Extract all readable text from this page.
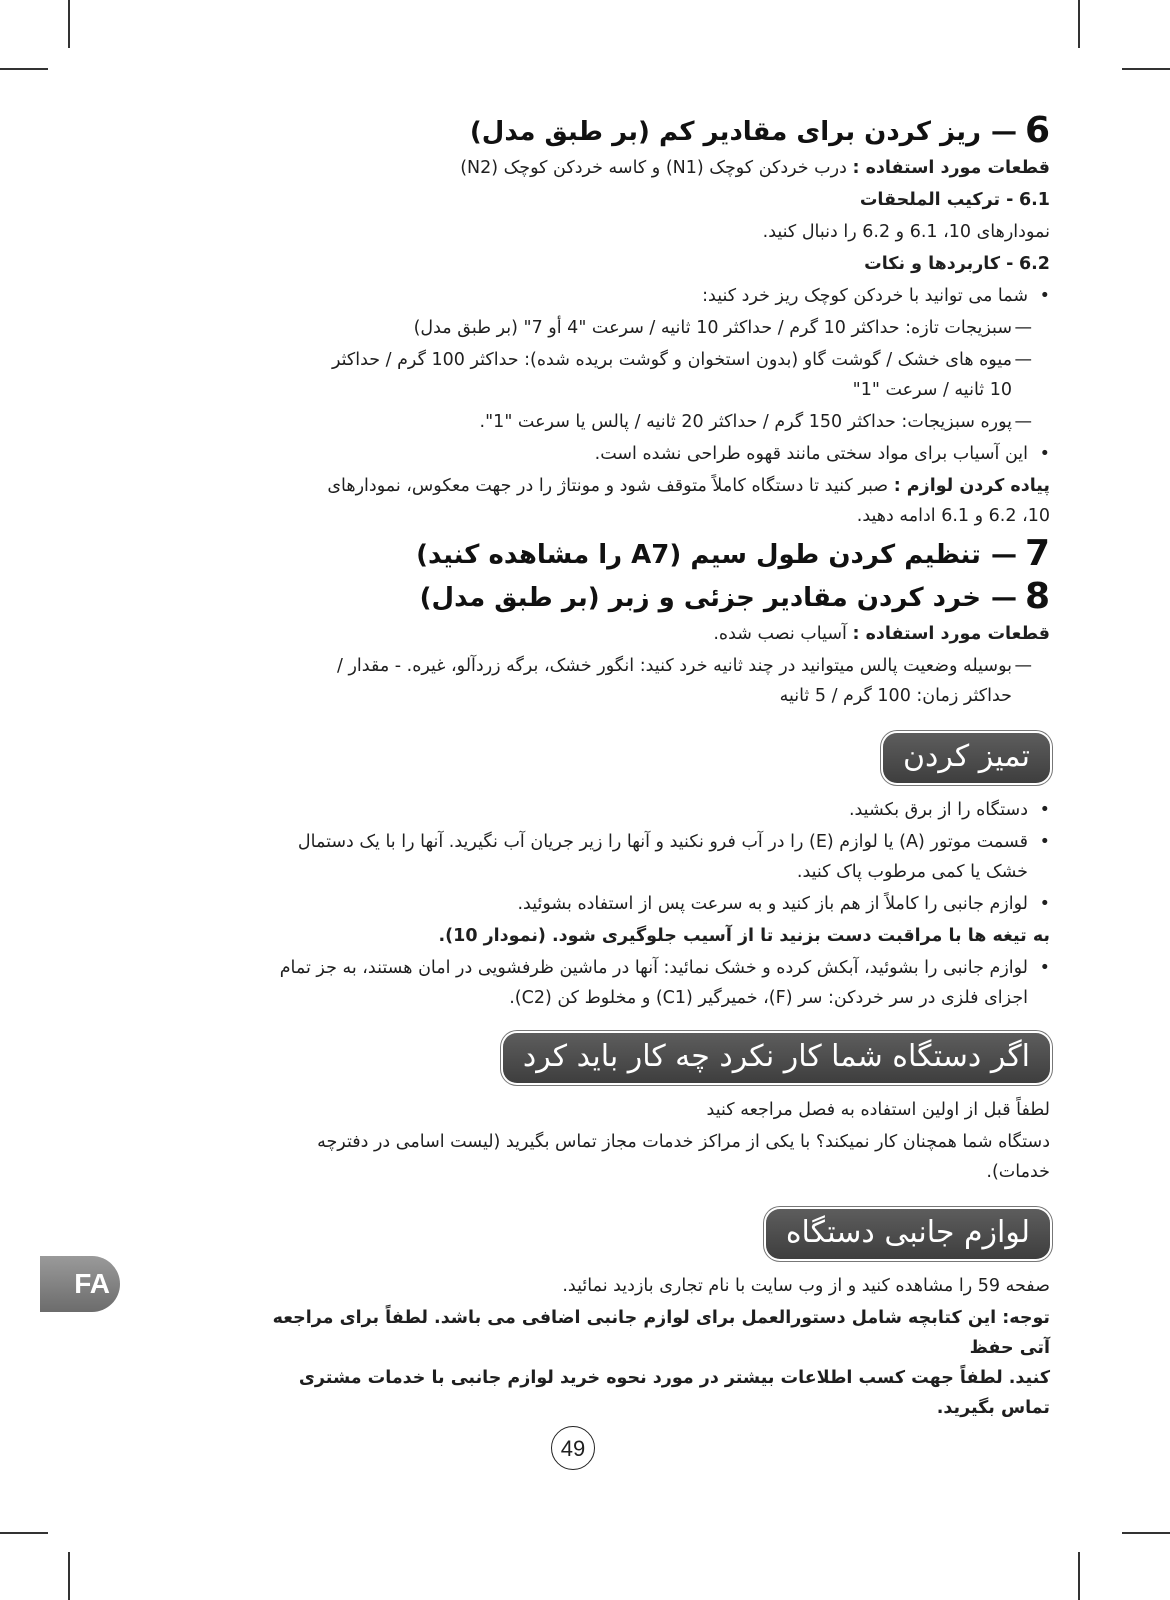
6—ریز کردن برای مقادیر کم (بر طبق مدل)
قطعات مورد استفاده : درب خردکن کوچک (N1) و کاسه خردکن کوچک (N2)
6.1 - ترکیب الملحقات
نمودارهای 10، 6.1 و 6.2 را دنبال کنید.
6.2 - کاربردها و نکات
• شما می توانید با خردکن کوچک ریز خرد کنید:
—
سبزیجات تازه: حداکثر 10 گرم / حداکثر 10 ثانیه / سرعت "4 أو 7" (بر طبق مدل)
—
میوه های خشک / گوشت گاو (بدون استخوان و گوشت بریده شده): حداکثر 100 گرم / حداکثر
10 ثانیه / سرعت "1"
—
پوره سبزیجات: حداکثر 150 گرم / حداکثر 20 ثانیه / پالس یا سرعت "1".
• این آسیاب برای مواد سختی مانند قهوه طراحی نشده است.
پیاده کردن لوازم : صبر کنید تا دستگاه کاملاً متوقف شود و مونتاژ را در جهت معکوس، نمودارهای
10، 6.2 و 6.1 ادامه دهید.
7—تنظیم کردن طول سیم (A7 را مشاهده کنید)
8—خرد کردن مقادیر جزئی و زبر (بر طبق مدل)
قطعات مورد استفاده : آسیاب نصب شده.
—
بوسیله وضعیت پالس میتوانید در چند ثانیه خرد کنید: انگور خشک، برگه زردآلو، غیره. - مقدار /
حداکثر زمان: 100 گرم / 5 ثانیه
تمیز کردن
• دستگاه را از برق بکشید.
• قسمت موتور (A) یا لوازم (E) را در آب فرو نکنید و آنها را زیر جریان آب نگیرید. آنها را با یک دستمال
خشک یا کمی مرطوب پاک کنید.
• لوازم جانبی را کاملاً از هم باز کنید و به سرعت پس از استفاده بشوئید.
به تیغه ها با مراقبت دست بزنید تا از آسیب جلوگیری شود. (نمودار 10).
• لوازم جانبی را بشوئید، آبکش کرده و خشک نمائید: آنها در ماشین ظرفشویی در امان هستند، به جز تمام
اجزای فلزی در سر خردکن: سر (F)، خمیرگیر (C1) و مخلوط کن (C2).
اگر دستگاه شما کار نکرد چه کار باید کرد
لطفاً قبل از اولین استفاده به فصل مراجعه کنید
دستگاه شما همچنان کار نمیکند؟ با یکی از مراکز خدمات مجاز تماس بگیرید (لیست اسامی در دفترچه خدمات).
لوازم جانبی دستگاه
صفحه 59 را مشاهده کنید و از وب سایت با نام تجاری بازدید نمائید.
توجه: این کتابچه شامل دستورالعمل برای لوازم جانبی اضافی می باشد. لطفاً برای مراجعه آتی حفظ
کنید. لطفاً جهت کسب اطلاعات بیشتر در مورد نحوه خرید لوازم جانبی با خدمات مشتری تماس بگیرید.
FA
49
